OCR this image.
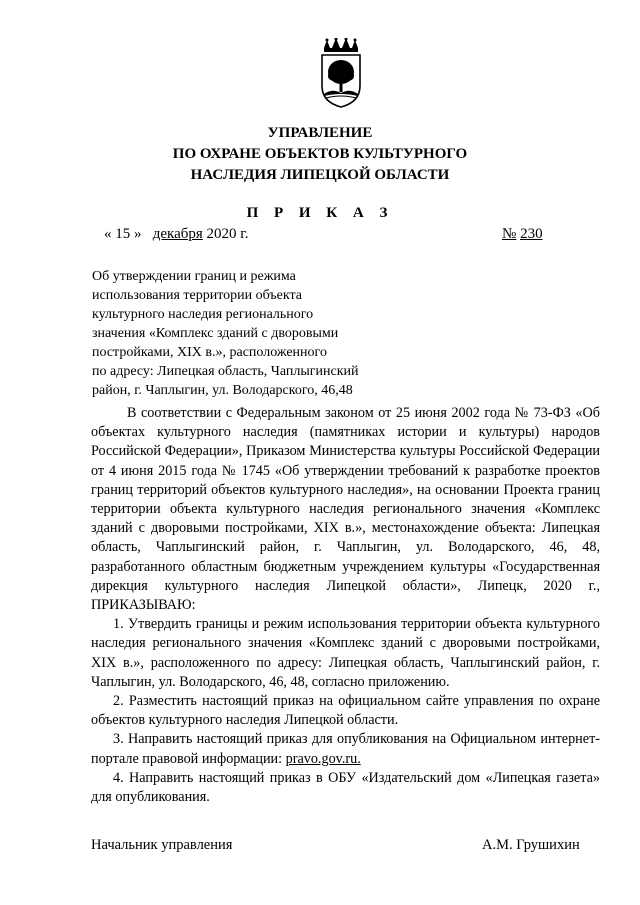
УПРАВЛЕНИЕ
ПО ОХРАНЕ ОБЪЕКТОВ КУЛЬТУРНОГО
НАСЛЕДИЯ ЛИПЕЦКОЙ ОБЛАСТИ
П Р И К А З
« 15 » декабря 2020 г.	№ 230
Об утверждении границ и режима
использования территории объекта
культурного наследия регионального
значения «Комплекс зданий с дворовыми
постройками, XIX в.», расположенного
по адресу: Липецкая область, Чаплыгинский
район, г. Чаплыгин, ул. Володарского, 46,48

В соответствии с Федеральным законом от 25 июня 2002 года № 73-ФЗ «Об объектах культурного наследия (памятниках истории и культуры) народов Российской Федерации», Приказом Министерства культуры Российской Федерации от 4 июня 2015 года № 1745 «Об утверждении требований к разработке проектов границ территорий объектов культурного наследия», на основании Проекта границ территории объекта культурного наследия регионального значения «Комплекс зданий с дворовыми постройками, XIX в.», местонахождение объекта: Липецкая область, Чаплыгинский район, г. Чаплыгин, ул. Володарского, 46, 48, разработанного областным бюджетным учреждением культуры «Государственная дирекция культурного наследия Липецкой области», Липецк, 2020 г., ПРИКАЗЫВАЮ:

1. Утвердить границы и режим использования территории объекта культурного наследия регионального значения «Комплекс зданий с дворовыми постройками, XIX в.», расположенного по адресу: Липецкая область, Чаплыгинский район, г. Чаплыгин, ул. Володарского, 46, 48, согласно приложению.

2. Разместить настоящий приказ на официальном сайте управления по охране объектов культурного наследия Липецкой области.

3. Направить настоящий приказ для опубликования на Официальном интернет-портале правовой информации: pravo.gov.ru.

4. Направить настоящий приказ в ОБУ «Издательский дом «Липецкая газета» для опубликования.

Начальник управления	А.М. Грушихин
